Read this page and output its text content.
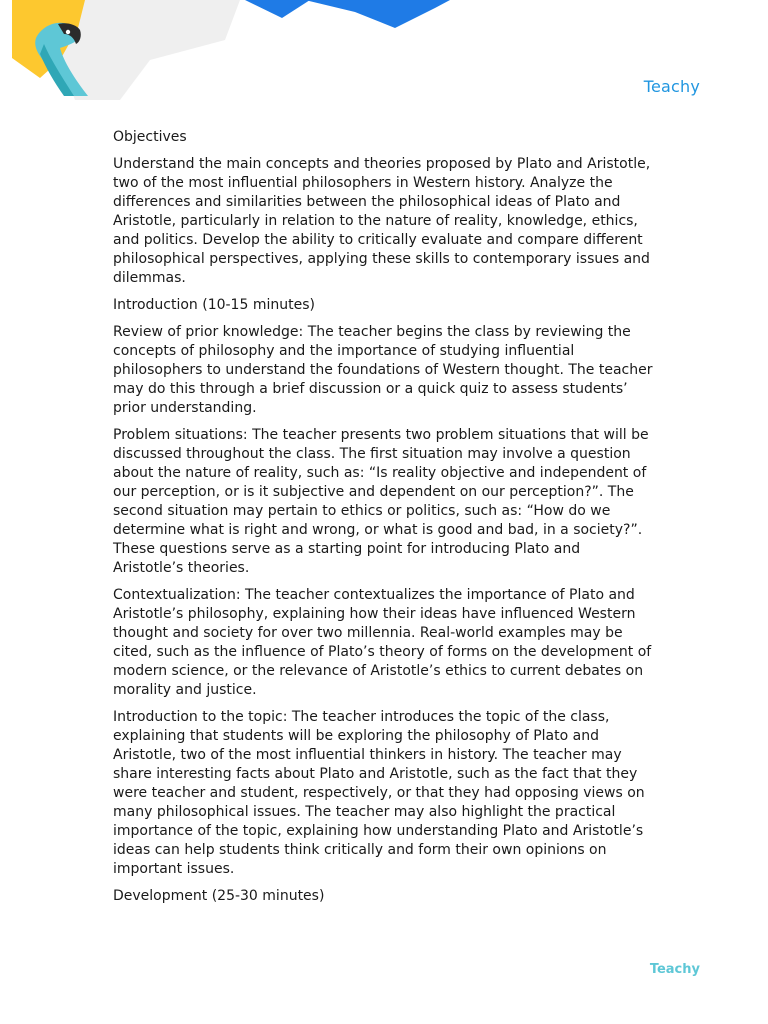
Teachy
Objectives
Understand the main concepts and theories proposed by Plato and Aristotle, two of the most influential philosophers in Western history. Analyze the differences and similarities between the philosophical ideas of Plato and Aristotle, particularly in relation to the nature of reality, knowledge, ethics, and politics. Develop the ability to critically evaluate and compare different philosophical perspectives, applying these skills to contemporary issues and dilemmas.
Introduction (10-15 minutes)
Review of prior knowledge: The teacher begins the class by reviewing the concepts of philosophy and the importance of studying influential philosophers to understand the foundations of Western thought. The teacher may do this through a brief discussion or a quick quiz to assess students’ prior understanding.
Problem situations: The teacher presents two problem situations that will be discussed throughout the class. The first situation may involve a question about the nature of reality, such as: “Is reality objective and independent of our perception, or is it subjective and dependent on our perception?”. The second situation may pertain to ethics or politics, such as: “How do we determine what is right and wrong, or what is good and bad, in a society?”. These questions serve as a starting point for introducing Plato and Aristotle’s theories.
Contextualization: The teacher contextualizes the importance of Plato and Aristotle’s philosophy, explaining how their ideas have influenced Western thought and society for over two millennia. Real-world examples may be cited, such as the influence of Plato’s theory of forms on the development of modern science, or the relevance of Aristotle’s ethics to current debates on morality and justice.
Introduction to the topic: The teacher introduces the topic of the class, explaining that students will be exploring the philosophy of Plato and Aristotle, two of the most influential thinkers in history. The teacher may share interesting facts about Plato and Aristotle, such as the fact that they were teacher and student, respectively, or that they had opposing views on many philosophical issues. The teacher may also highlight the practical importance of the topic, explaining how understanding Plato and Aristotle’s ideas can help students think critically and form their own opinions on important issues.
Development (25-30 minutes)
Teachy
